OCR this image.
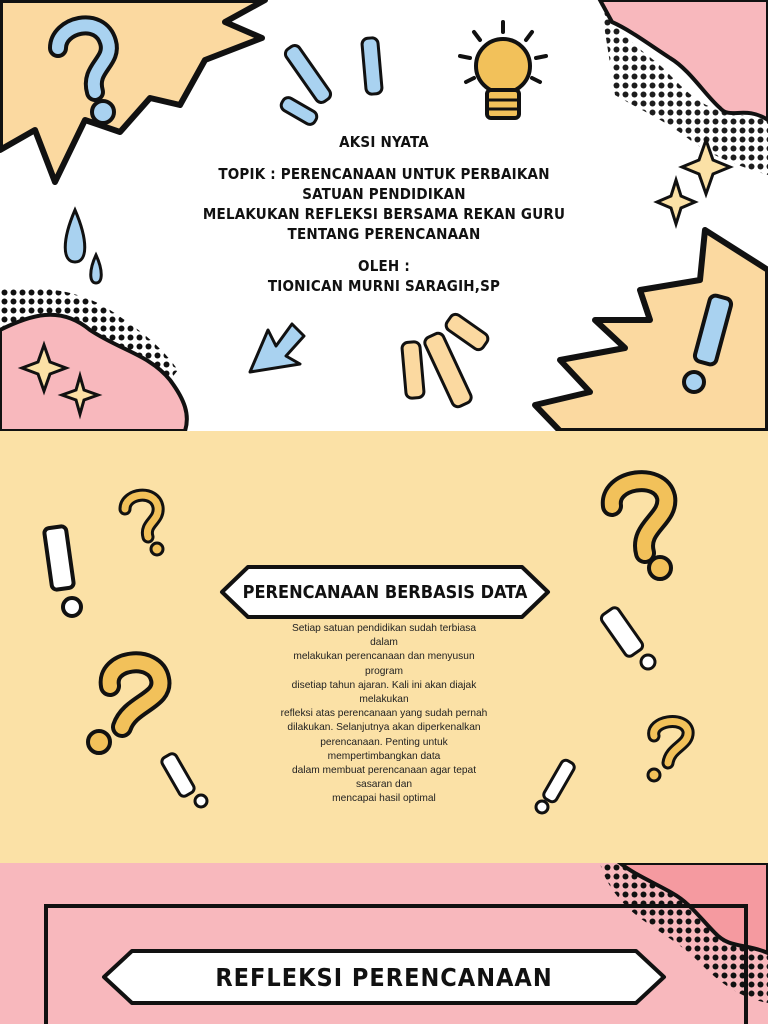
AKSI NYATA
TOPIK : PERENCANAAN UNTUK PERBAIKAN
SATUAN PENDIDIKAN
MELAKUKAN REFLEKSI BERSAMA REKAN GURU
TENTANG PERENCANAAN
OLEH :
TIONICAN MURNI SARAGIH,SP
PERENCANAAN BERBASIS DATA
Setiap satuan pendidikan sudah terbiasa
dalam
melakukan perencanaan dan menyusun
program
disetiap tahun ajaran. Kali ini akan diajak
melakukan
refleksi atas perencanaan yang sudah pernah
dilakukan. Selanjutnya akan diperkenalkan
perencanaan. Penting untuk
mempertimbangkan data
dalam membuat perencanaan agar tepat
sasaran dan
mencapai hasil optimal
REFLEKSI PERENCANAAN
